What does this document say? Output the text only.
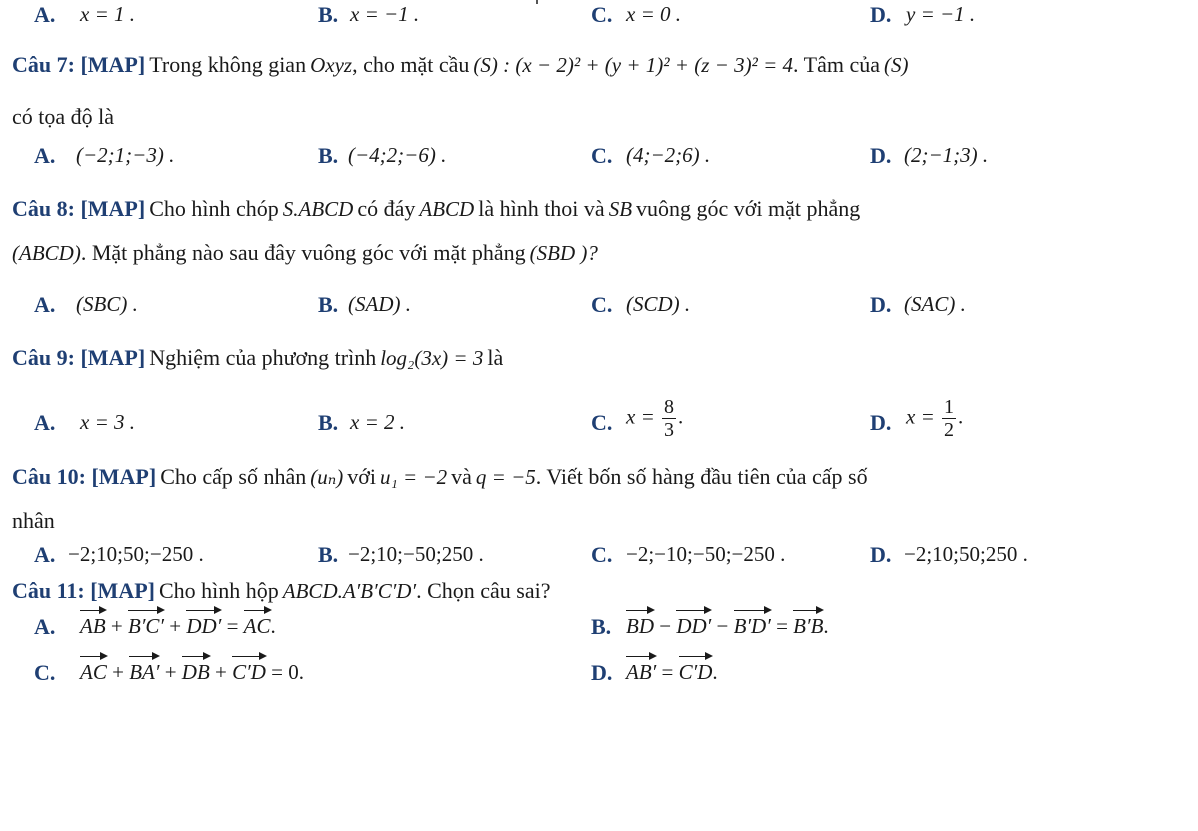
A. x = 1 .	B. x = −1 .	C. x = 0 .	D. y = −1 .
Câu 7: [MAP] Trong không gian Oxyz, cho mặt cầu (S) : (x − 2)² + (y + 1)² + (z − 3)² = 4. Tâm của (S)
có tọa độ là
A. (−2;1;−3) .	B. (−4;2;−6) .	C. (4;−2;6) .	D. (2;−1;3) .
Câu 8: [MAP] Cho hình chóp S.ABCD có đáy ABCD là hình thoi và SB vuông góc với mặt phẳng
(ABCD). Mặt phẳng nào sau đây vuông góc với mặt phẳng (SBD )?
A. (SBC) .	B. (SAD) .	C. (SCD) .	D. (SAC) .
Câu 9: [MAP] Nghiệm của phương trình log₂(3x) = 3 là
A. x = 3 .	B. x = 2 .	C. $x = \frac{8}{3}$ .	D. $x = \frac{1}{2}$ .
Câu 10: [MAP] Cho cấp số nhân (uₙ) với u₁ = −2 và q = −5. Viết bốn số hàng đầu tiên của cấp số
nhân
A. −2;10;50;−250 .	B. −2;10;−50;250 .	C. −2;−10;−50;−250 .	D. −2;10;50;250 .
Câu 11: [MAP] Cho hình hộp ABCD.A′B′C′D′. Chọn câu sai?
A. AB + B′C′ + DD′ = AC.	B. BD − DD′ − B′D′ = B′B.
C. AC + BA′ + DB + C′D = 0.	D. AB′ = C′D.
